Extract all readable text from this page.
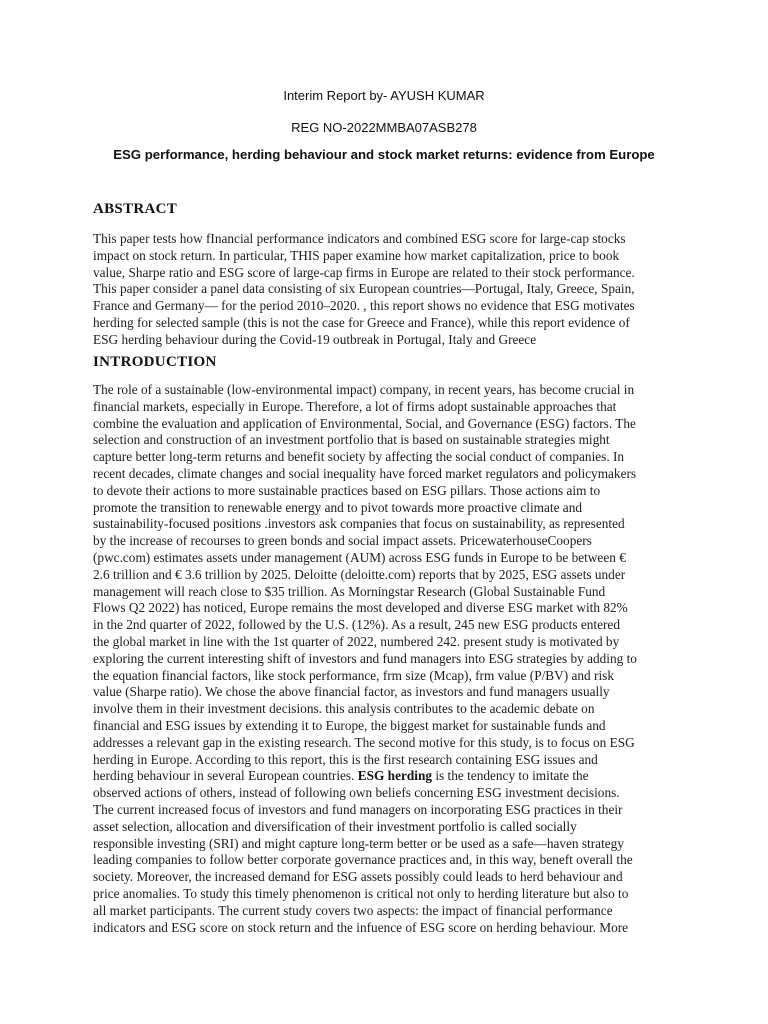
Interim Report by- AYUSH KUMAR
REG NO-2022MMBA07ASB278
ESG performance, herding behaviour and stock market returns: evidence from Europe
ABSTRACT
This paper tests how fInancial performance indicators and combined ESG score for large-cap stocks
impact on stock return. In particular, THIS paper examine how market capitalization, price to book
value, Sharpe ratio and ESG score of large-cap firms in Europe are related to their stock performance.
This paper consider a panel data consisting of six European countries—Portugal, Italy, Greece, Spain,
France and Germany— for the period 2010–2020. , this report shows no evidence that ESG motivates
herding for selected sample (this is not the case for Greece and France), while this report evidence of
ESG herding behaviour during the Covid-19 outbreak in Portugal, Italy and Greece
INTRODUCTION
The role of a sustainable (low-environmental impact) company, in recent years, has become crucial in
financial markets, especially in Europe. Therefore, a lot of firms adopt sustainable approaches that
combine the evaluation and application of Environmental, Social, and Governance (ESG) factors. The
selection and construction of an investment portfolio that is based on sustainable strategies might
capture better long-term returns and benefit society by affecting the social conduct of companies. In
recent decades, climate changes and social inequality have forced market regulators and policymakers
to devote their actions to more sustainable practices based on ESG pillars. Those actions aim to
promote the transition to renewable energy and to pivot towards more proactive climate and
sustainability-focused positions .investors ask companies that focus on sustainability, as represented
by the increase of recourses to green bonds and social impact assets. PricewaterhouseCoopers
(pwc.com) estimates assets under management (AUM) across ESG funds in Europe to be between €
2.6 trillion and € 3.6 trillion by 2025. Deloitte (deloitte.com) reports that by 2025, ESG assets under
management will reach close to $35 trillion. As Morningstar Research (Global Sustainable Fund
Flows Q2 2022) has noticed, Europe remains the most developed and diverse ESG market with 82%
in the 2nd quarter of 2022, followed by the U.S. (12%). As a result, 245 new ESG products entered
the global market in line with the 1st quarter of 2022, numbered 242. present study is motivated by
exploring the current interesting shift of investors and fund managers into ESG strategies by adding to
the equation financial factors, like stock performance, frm size (Mcap), frm value (P/BV) and risk
value (Sharpe ratio). We chose the above financial factor, as investors and fund managers usually
involve them in their investment decisions. this analysis contributes to the academic debate on
financial and ESG issues by extending it to Europe, the biggest market for sustainable funds and
addresses a relevant gap in the existing research. The second motive for this study, is to focus on ESG
herding in Europe. According to this report, this is the first research containing ESG issues and
herding behaviour in several European countries. ESG herding is the tendency to imitate the
observed actions of others, instead of following own beliefs concerning ESG investment decisions.
The current increased focus of investors and fund managers on incorporating ESG practices in their
asset selection, allocation and diversification of their investment portfolio is called socially
responsible investing (SRI) and might capture long-term better or be used as a safe—haven strategy
leading companies to follow better corporate governance practices and, in this way, beneft overall the
society. Moreover, the increased demand for ESG assets possibly could leads to herd behaviour and
price anomalies. To study this timely phenomenon is critical not only to herding literature but also to
all market participants. The current study covers two aspects: the impact of financial performance
indicators and ESG score on stock return and the infuence of ESG score on herding behaviour. More
